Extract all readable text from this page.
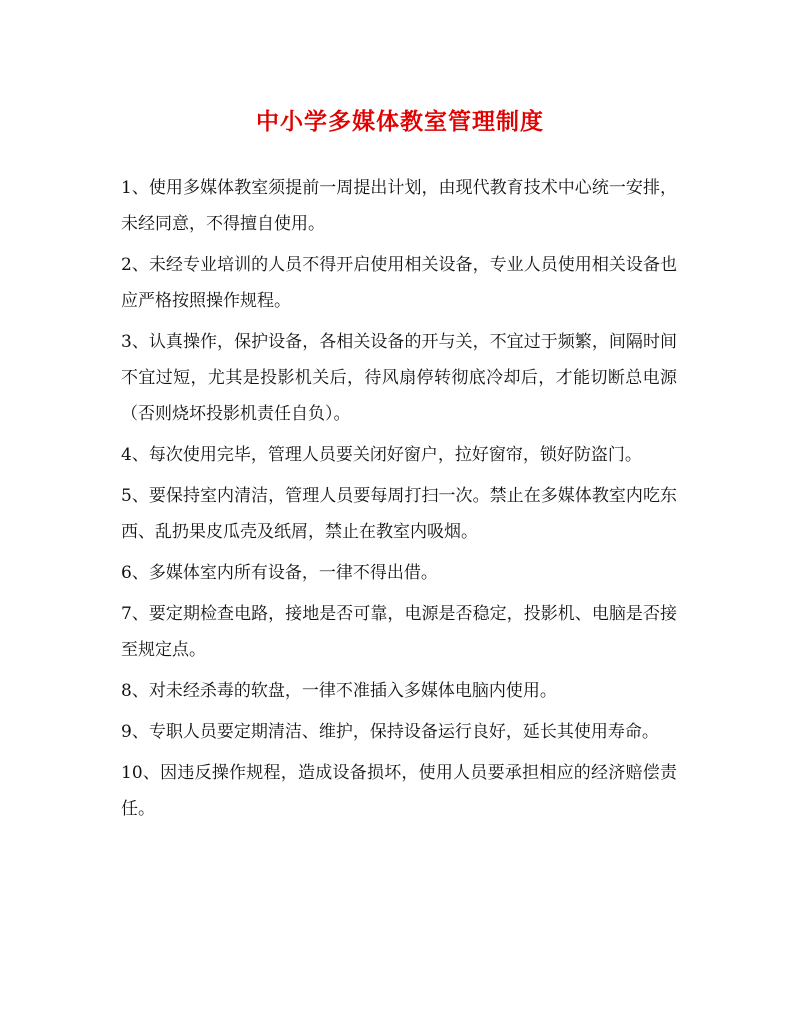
中小学多媒体教室管理制度

1、使用多媒体教室须提前一周提出计划，由现代教育技术中心统一安排，未经同意，不得擅自使用。

2、未经专业培训的人员不得开启使用相关设备，专业人员使用相关设备也应严格按照操作规程。

3、认真操作，保护设备，各相关设备的开与关，不宜过于频繁，间隔时间不宜过短，尤其是投影机关后，待风扇停转彻底冷却后，才能切断总电源（否则烧坏投影机责任自负）。

4、每次使用完毕，管理人员要关闭好窗户，拉好窗帘，锁好防盗门。

5、要保持室内清洁，管理人员要每周打扫一次。禁止在多媒体教室内吃东西、乱扔果皮瓜壳及纸屑，禁止在教室内吸烟。

6、多媒体室内所有设备，一律不得出借。

7、要定期检查电路，接地是否可靠，电源是否稳定，投影机、电脑是否接至规定点。

8、对未经杀毒的软盘，一律不准插入多媒体电脑内使用。

9、专职人员要定期清洁、维护，保持设备运行良好，延长其使用寿命。

10、因违反操作规程，造成设备损坏，使用人员要承担相应的经济赔偿责任。
